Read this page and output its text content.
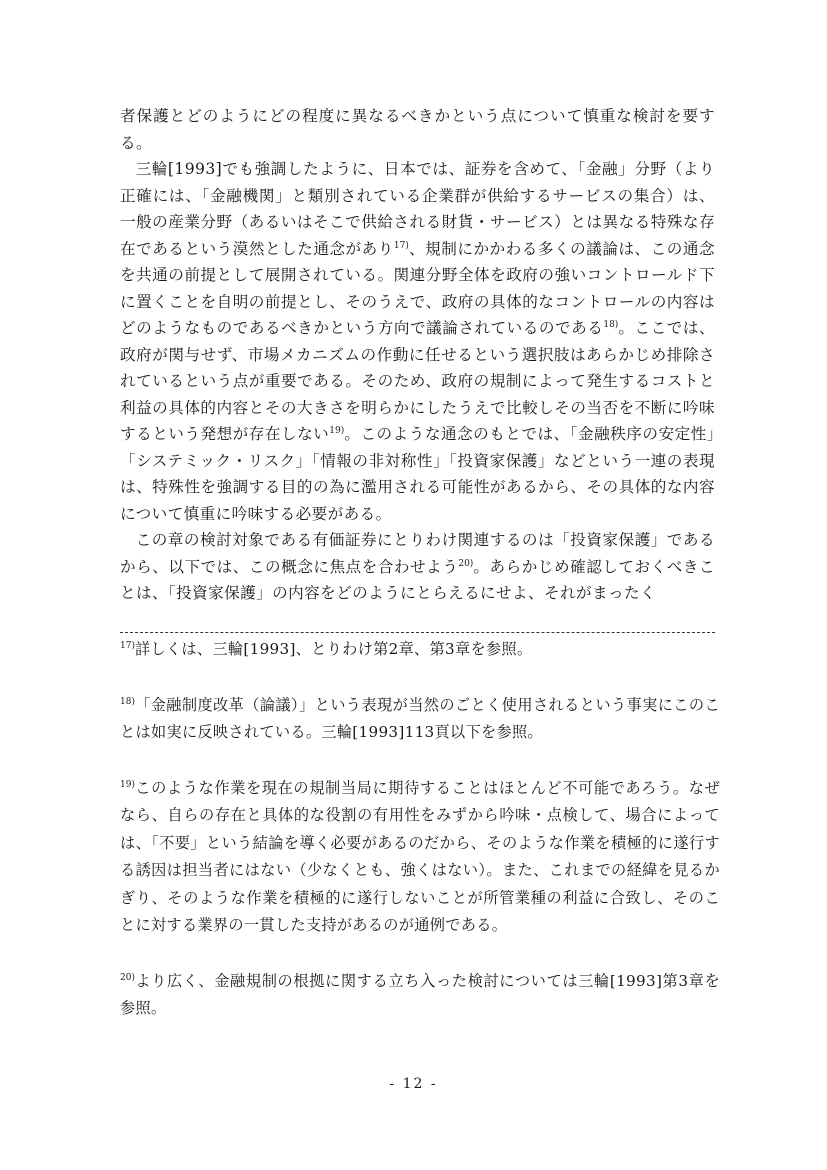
者保護とどのようにどの程度に異なるべきかという点について慎重な検討を要する。

三輪[1993]でも強調したように、日本では、証券を含めて、「金融」分野（より正確には、「金融機関」と類別されている企業群が供給するサービスの集合）は、一般の産業分野（あるいはそこで供給される財貨・サービス）とは異なる特殊な存在であるという漠然とした通念があり$^{17)}$、規制にかかわる多くの議論は、この通念を共通の前提として展開されている。関連分野全体を政府の強いコントロールド下に置くことを自明の前提とし、そのうえで、政府の具体的なコントロールの内容はどのようなものであるべきかという方向で議論されているのである$^{18)}$。ここでは、政府が関与せず、市場メカニズムの作動に任せるという選択肢はあらかじめ排除されているという点が重要である。そのため、政府の規制によって発生するコストと利益の具体的内容とその大きさを明らかにしたうえで比較しその当否を不断に吟味するという発想が存在しない$^{19)}$。このような通念のもとでは、「金融秩序の安定性」「システミック・リスク」「情報の非対称性」「投資家保護」などという一連の表現は、特殊性を強調する目的の為に濫用される可能性があるから、その具体的な内容について慎重に吟味する必要がある。

この章の検討対象である有価証券にとりわけ関連するのは「投資家保護」であるから、以下では、この概念に焦点を合わせよう$^{20)}$。あらかじめ確認しておくべきことは、「投資家保護」の内容をどのようにとらえるにせよ、それがまったく

$^{17)}$詳しくは、三輪[1993]、とりわけ第2章、第3章を参照。

$^{18)}$「金融制度改革（論議）」という表現が当然のごとく使用されるという事実にこのことは如実に反映されている。三輪[1993]113頁以下を参照。

$^{19)}$このような作業を現在の規制当局に期待することはほとんど不可能であろう。なぜなら、自らの存在と具体的な役割の有用性をみずから吟味・点検して、場合によっては、「不要」という結論を導く必要があるのだから、そのような作業を積極的に遂行する誘因は担当者にはない（少なくとも、強くはない）。また、これまでの経緯を見るかぎり、そのような作業を積極的に遂行しないことが所管業種の利益に合致し、そのことに対する業界の一貫した支持があるのが通例である。

$^{20)}$より広く、金融規制の根拠に関する立ち入った検討については三輪[1993]第3章を参照。

- 12 -
